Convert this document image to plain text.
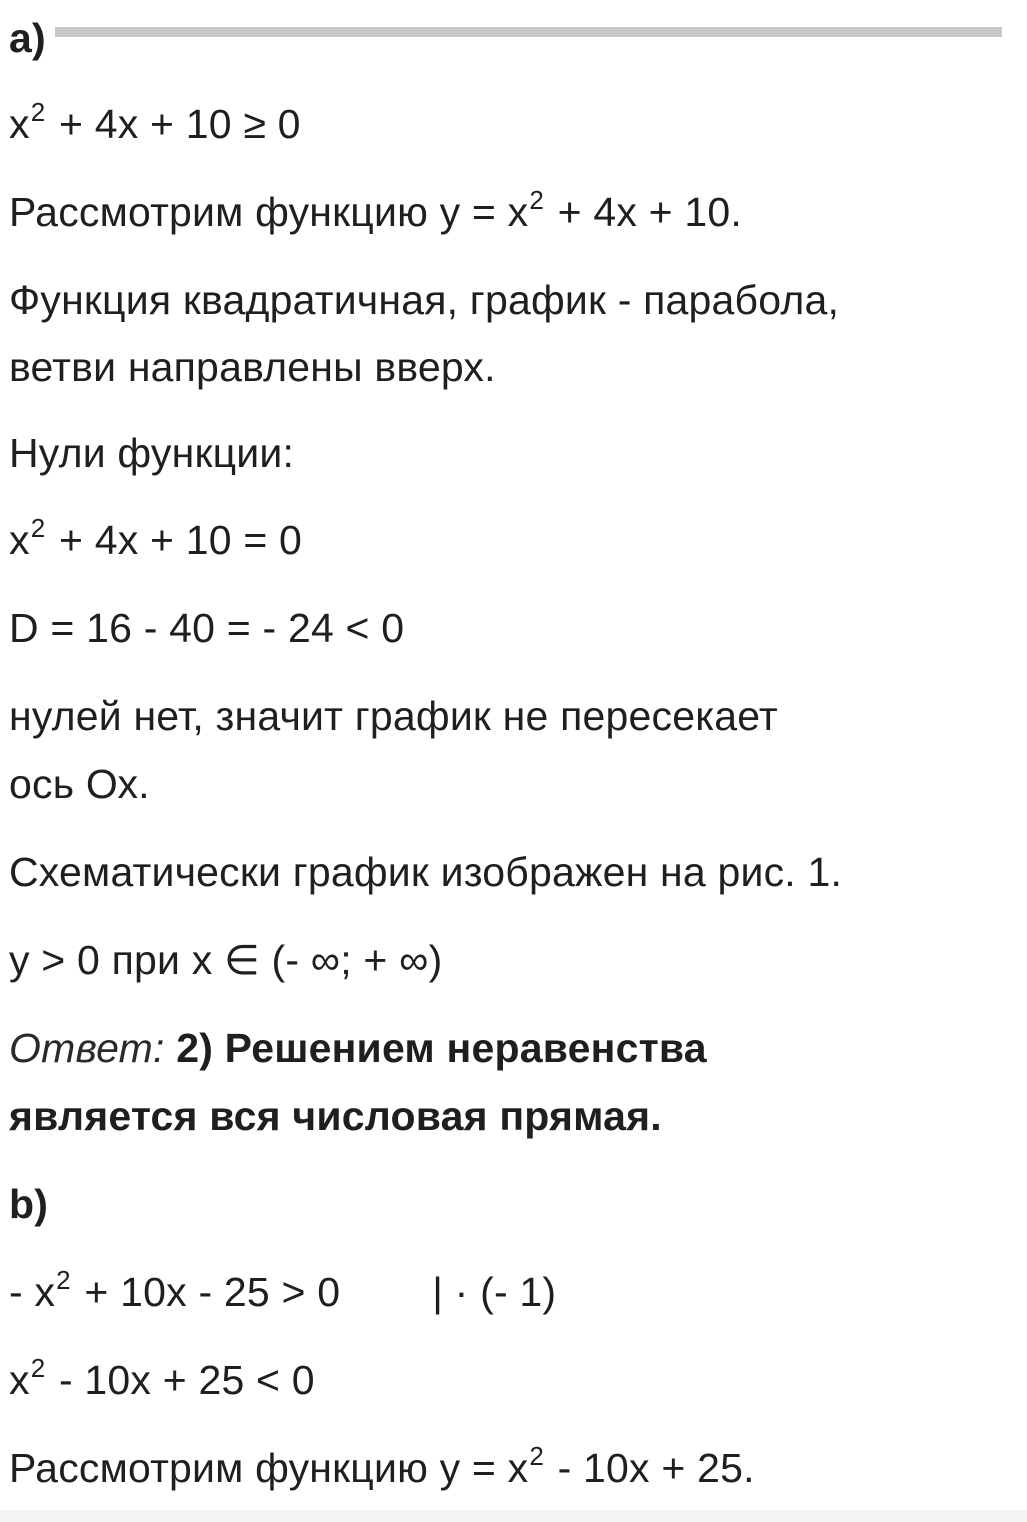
a)
$x^2 + 4x + 10 \ge 0$
Рассмотрим функцию $y = x^2 + 4x + 10$.
Функция квадратичная, график - парабола,
ветви направлены вверх.
Нули функции:
$x^2 + 4x + 10 = 0$
D = 16 - 40 = - 24 < 0
нулей нет, значит график не пересекает
ось Ох.
Схематически график изображен на рис. 1.
y > 0 при x ∈ (- ∞; + ∞)
Ответ: 2) Решением неравенства
является вся числовая прямая.
b)
- $x^2 + 10x - 25 > 0$ | · (- 1)
$x^2 - 10x + 25 < 0$
Рассмотрим функцию $y = x^2 - 10x + 25$.
